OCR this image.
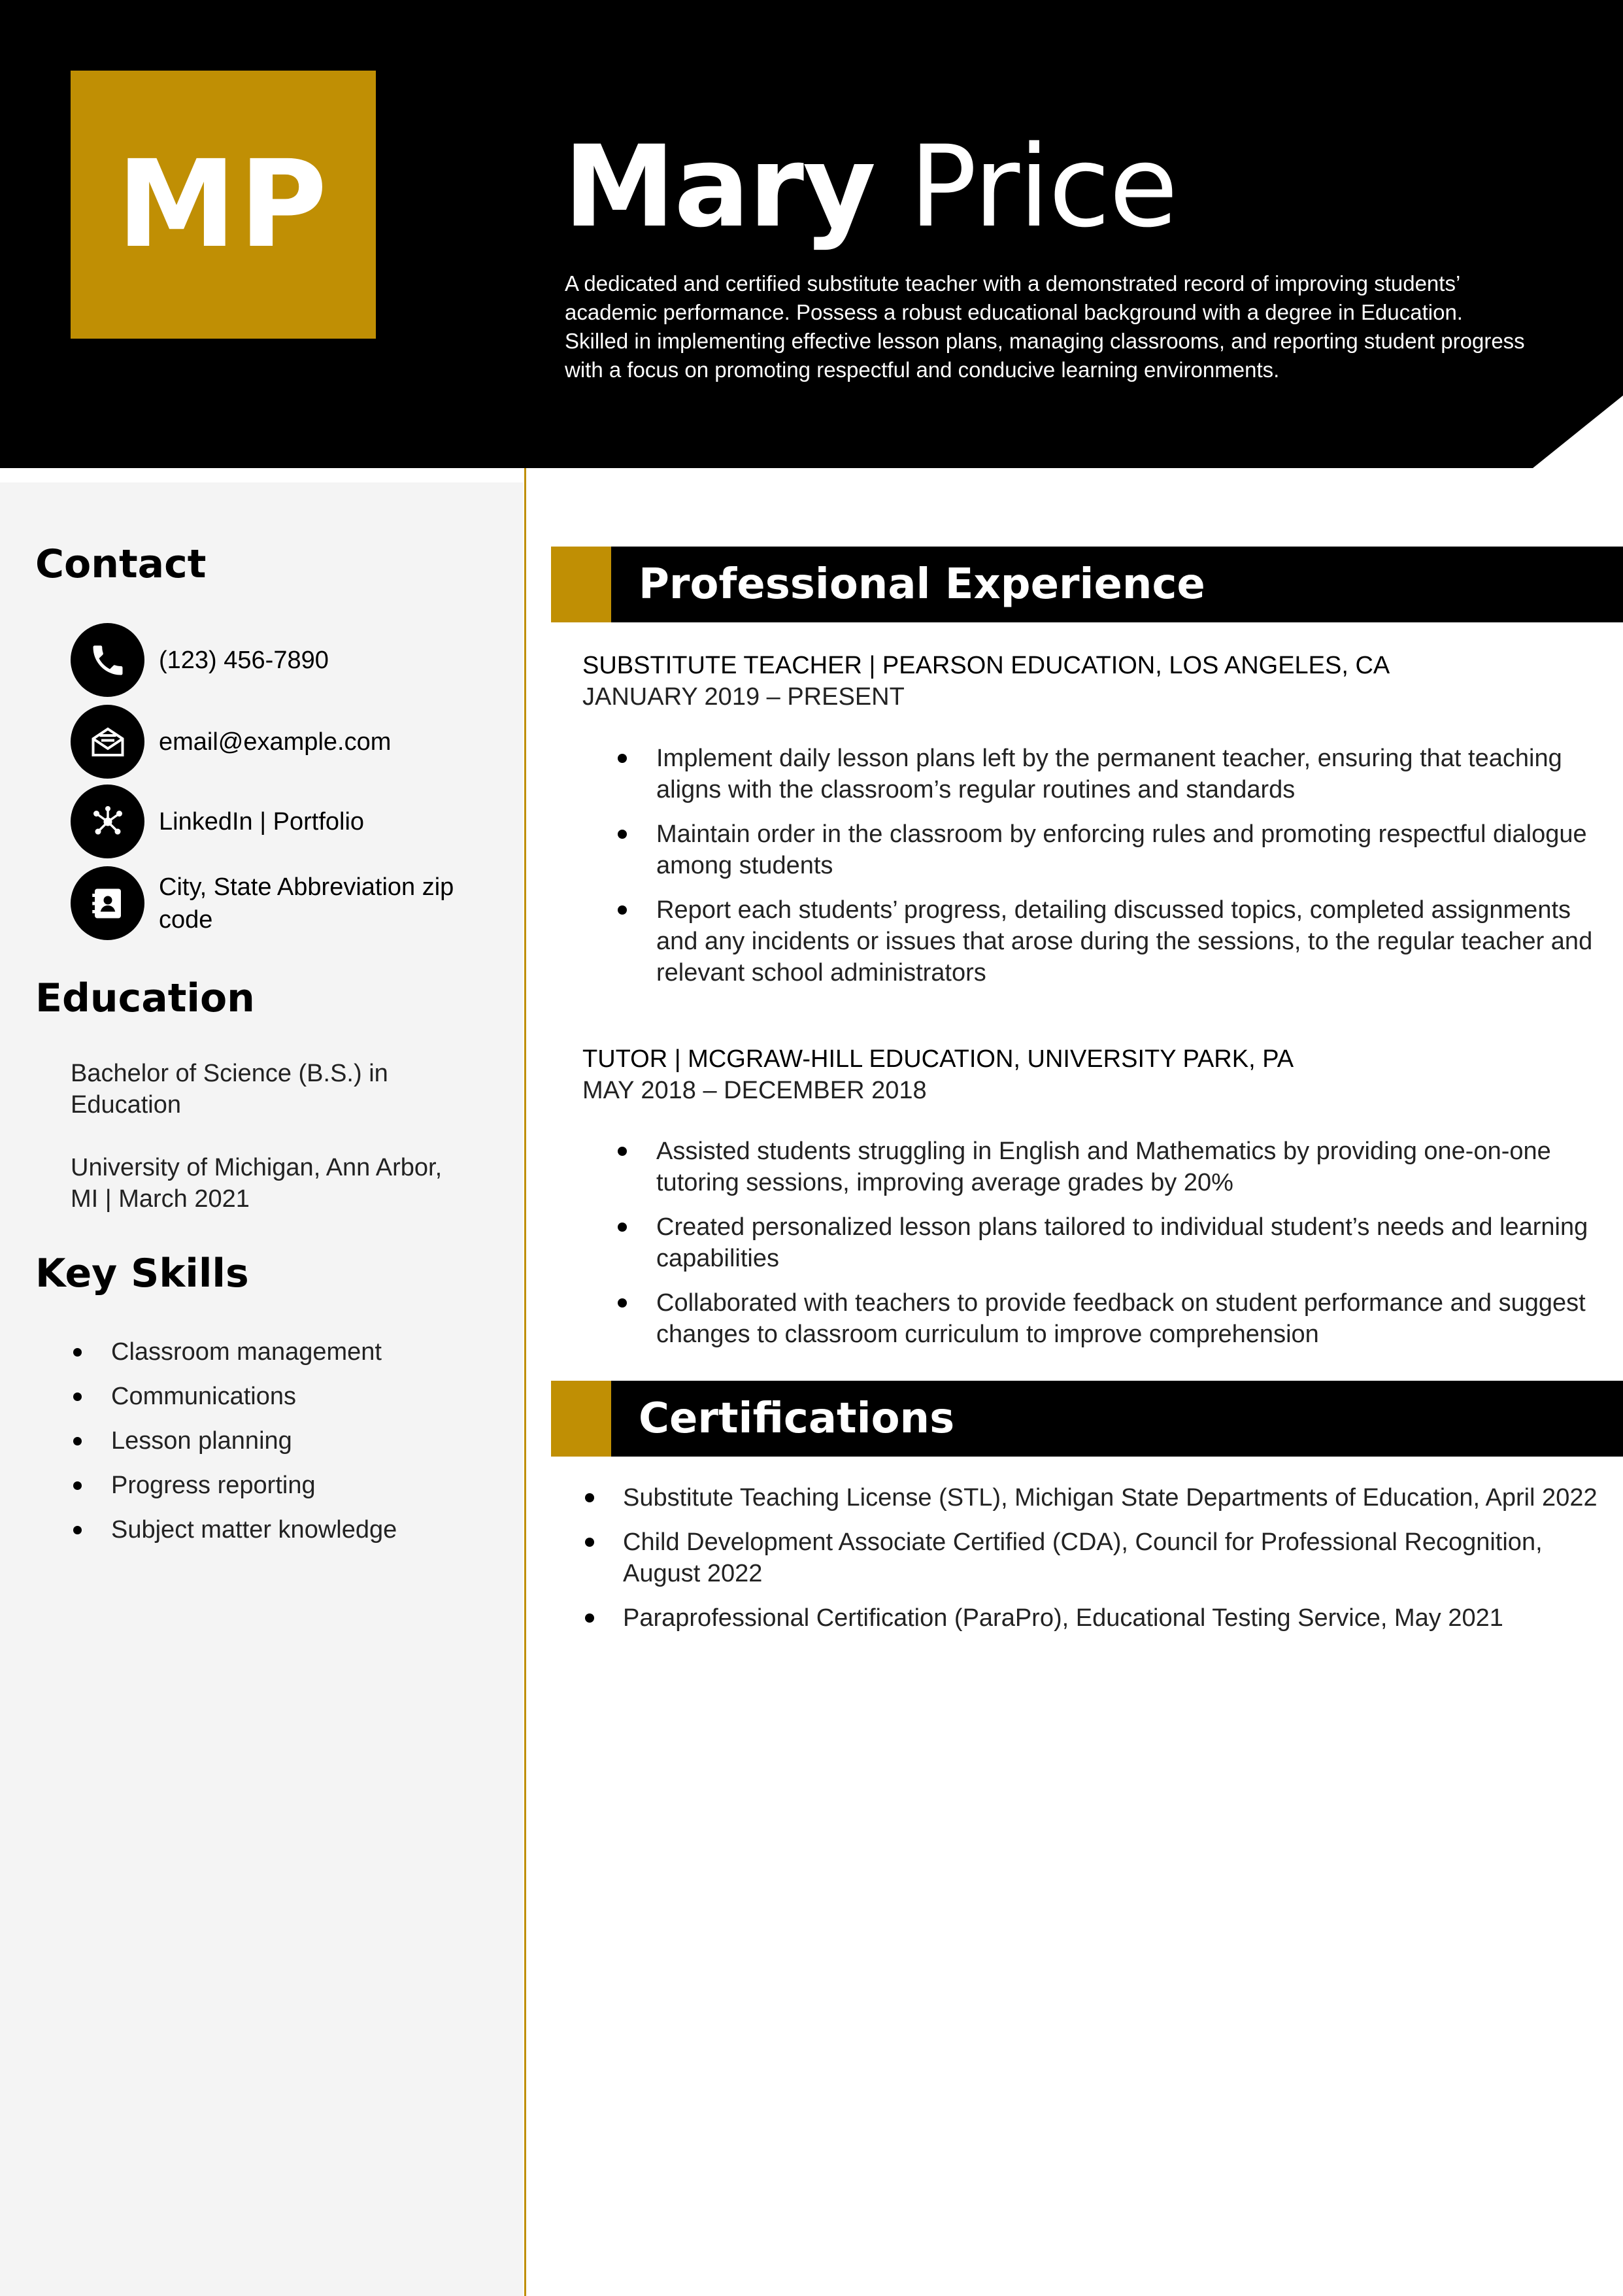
MP Mary Price
A dedicated and certified substitute teacher with a demonstrated record of improving students’ academic performance. Possess a robust educational background with a degree in Education. Skilled in implementing effective lesson plans, managing classrooms, and reporting student progress with a focus on promoting respectful and conducive learning environments.
Contact
(123) 456-7890
email@example.com
LinkedIn | Portfolio
City, State Abbreviation zip code
Education
Bachelor of Science (B.S.) in Education
University of Michigan, Ann Arbor, MI | March 2021
Key Skills
Classroom management
Communications
Lesson planning
Progress reporting
Subject matter knowledge
Professional Experience
SUBSTITUTE TEACHER | PEARSON EDUCATION, LOS ANGELES, CA
JANUARY 2019 – PRESENT
Implement daily lesson plans left by the permanent teacher, ensuring that teaching aligns with the classroom’s regular routines and standards
Maintain order in the classroom by enforcing rules and promoting respectful dialogue among students
Report each students’ progress, detailing discussed topics, completed assignments and any incidents or issues that arose during the sessions, to the regular teacher and relevant school administrators
TUTOR | MCGRAW-HILL EDUCATION, UNIVERSITY PARK, PA
MAY 2018 – DECEMBER 2018
Assisted students struggling in English and Mathematics by providing one-on-one tutoring sessions, improving average grades by 20%
Created personalized lesson plans tailored to individual student’s needs and learning capabilities
Collaborated with teachers to provide feedback on student performance and suggest changes to classroom curriculum to improve comprehension
Certifications
Substitute Teaching License (STL), Michigan State Departments of Education, April 2022
Child Development Associate Certified (CDA), Council for Professional Recognition, August 2022
Paraprofessional Certification (ParaPro), Educational Testing Service, May 2021
